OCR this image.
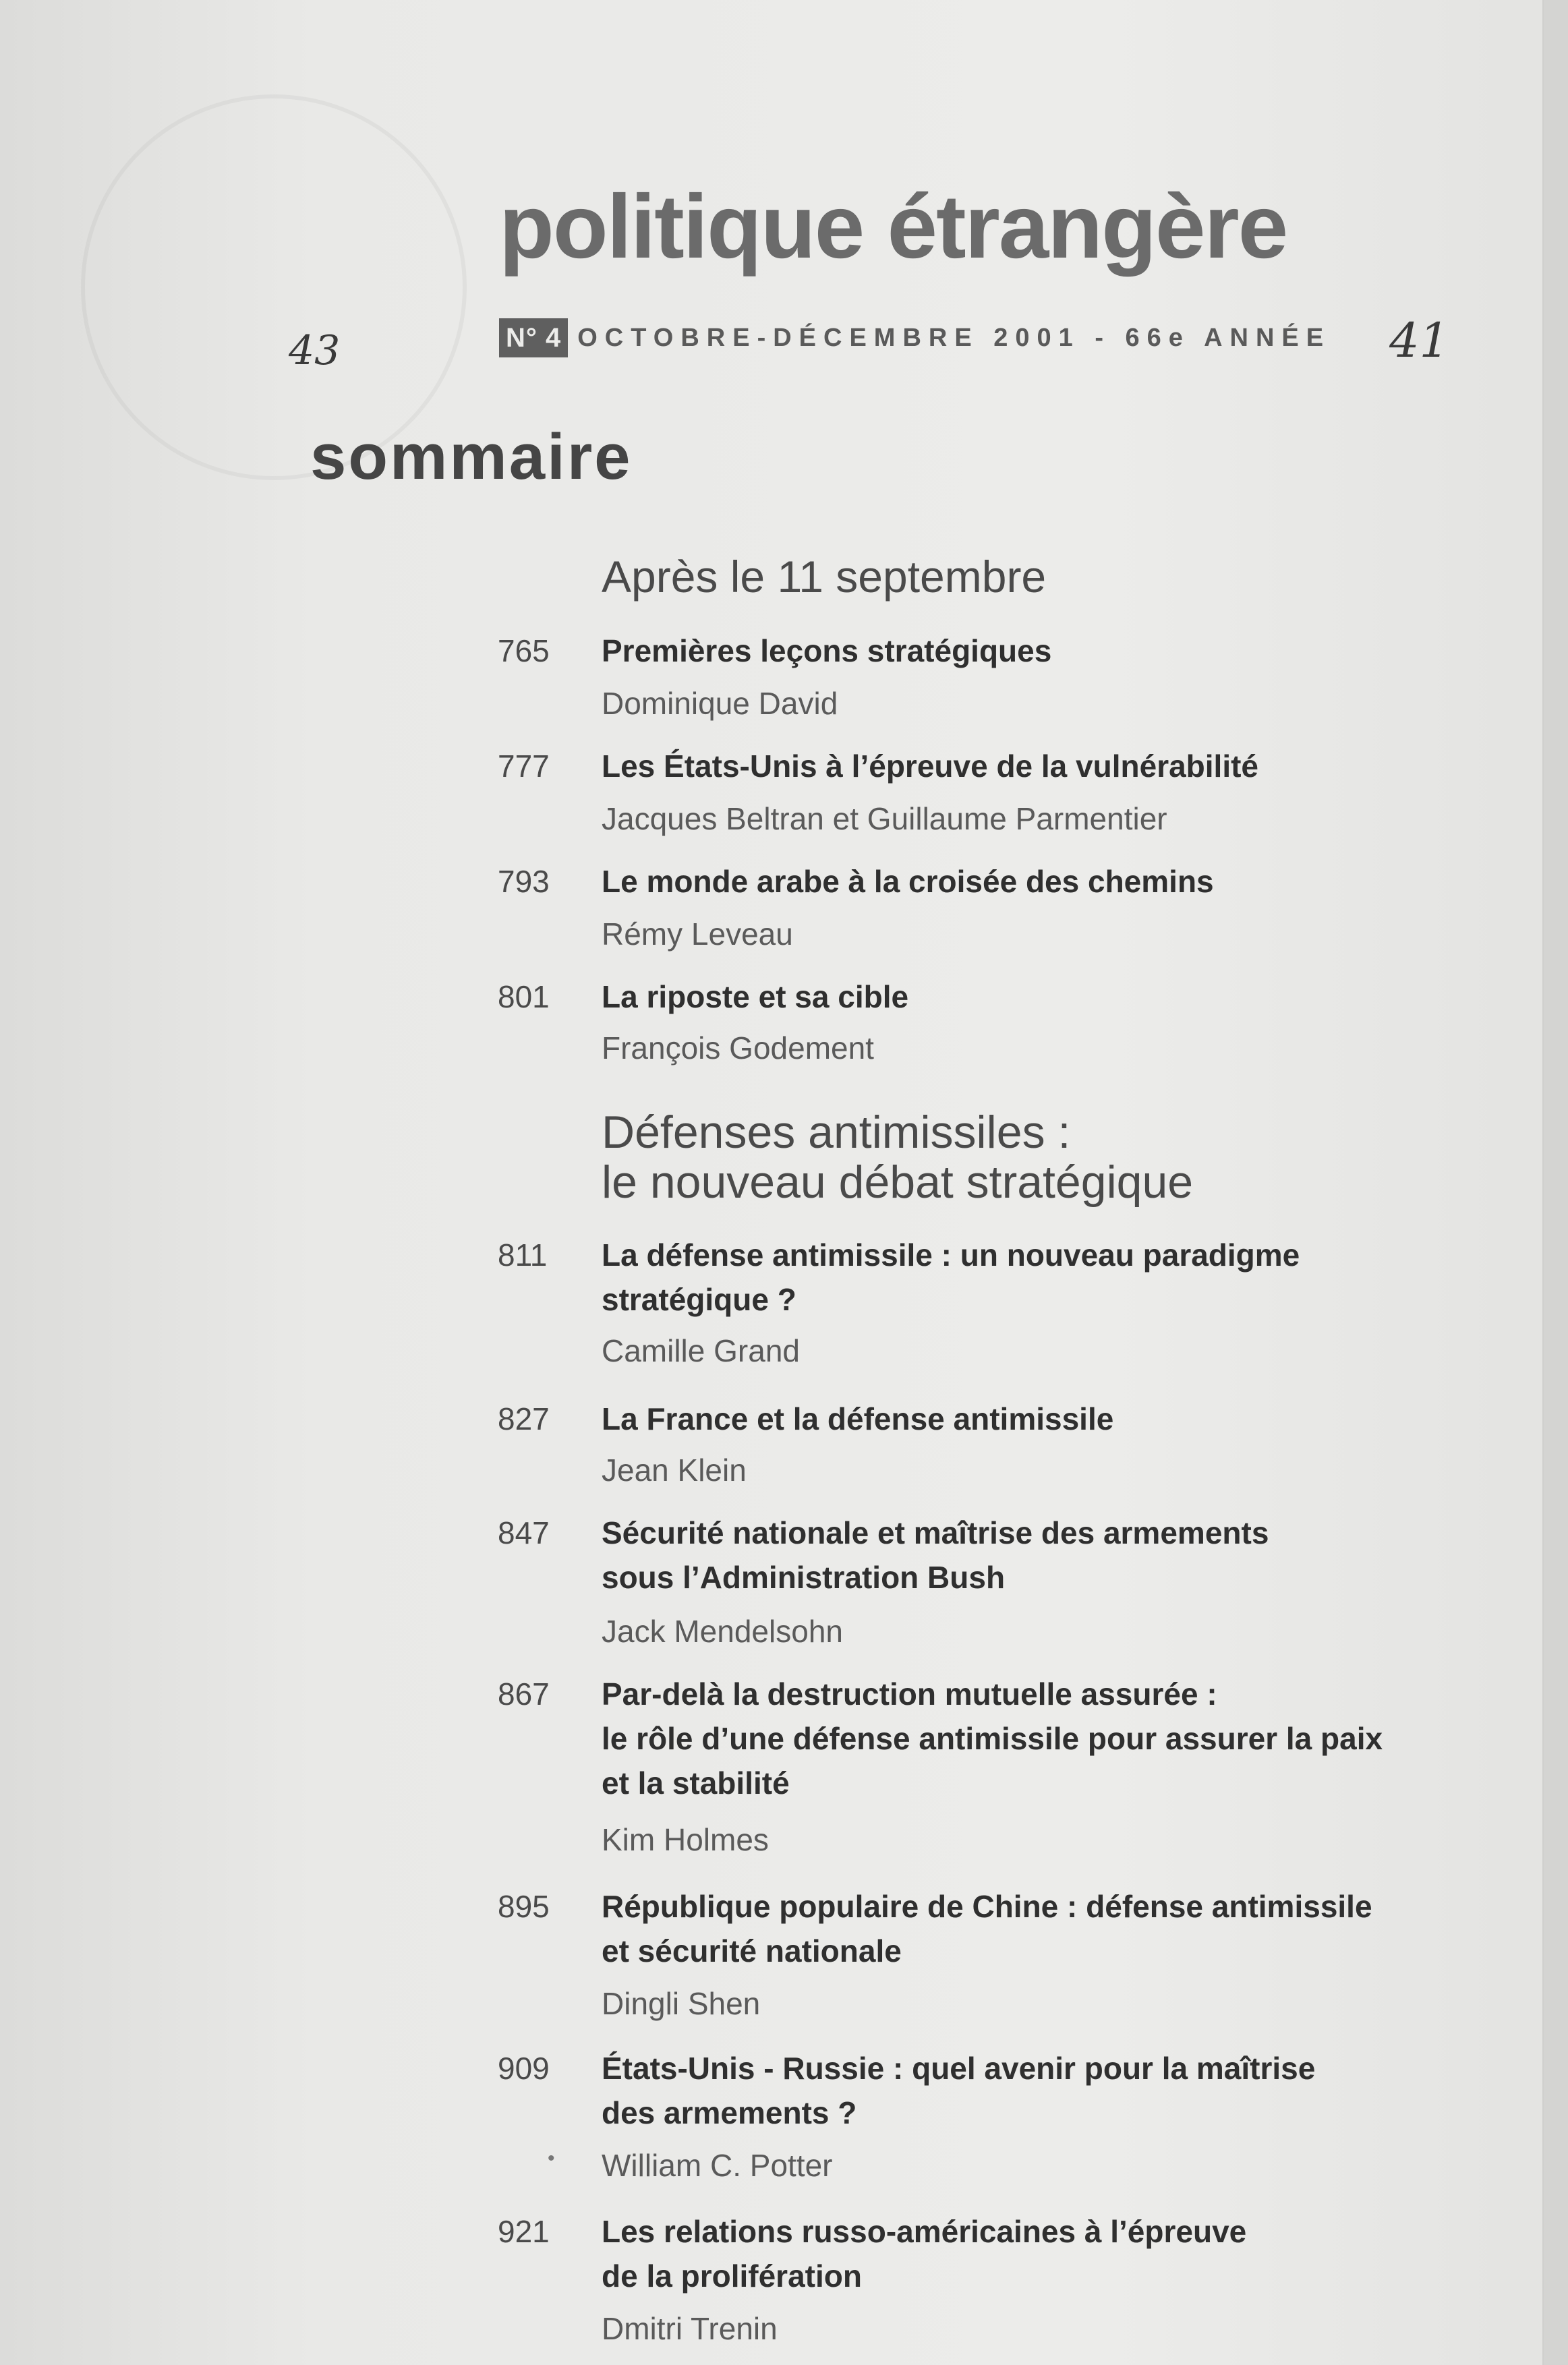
politique étrangère
N° 4 OCTOBRE-DÉCEMBRE 2001 - 66e ANNÉE
43	41
sommaire
Après le 11 septembre
765 Premières leçons stratégiques
Dominique David
777 Les États-Unis à l’épreuve de la vulnérabilité
Jacques Beltran et Guillaume Parmentier
793 Le monde arabe à la croisée des chemins
Rémy Leveau
801 La riposte et sa cible
François Godement
Défenses antimissiles :
le nouveau débat stratégique
811	La défense antimissile : un nouveau paradigme
stratégique ?
Camille Grand
827 La France et la défense antimissile
Jean Klein
847 Sécurité nationale et maîtrise des armements
sous l’Administration Bush
Jack Mendelsohn
867 Par-delà la destruction mutuelle assurée :
le rôle d’une défense antimissile pour assurer la paix
et la stabilité
Kim Holmes
895 République populaire de Chine : défense antimissile
et sécurité nationale
Dingli Shen
909 États-Unis - Russie : quel avenir pour la maîtrise
des armements ?
William C. Potter
•
921 Les relations russo-américaines à l’épreuve
de la prolifération
Dmitri Trenin
